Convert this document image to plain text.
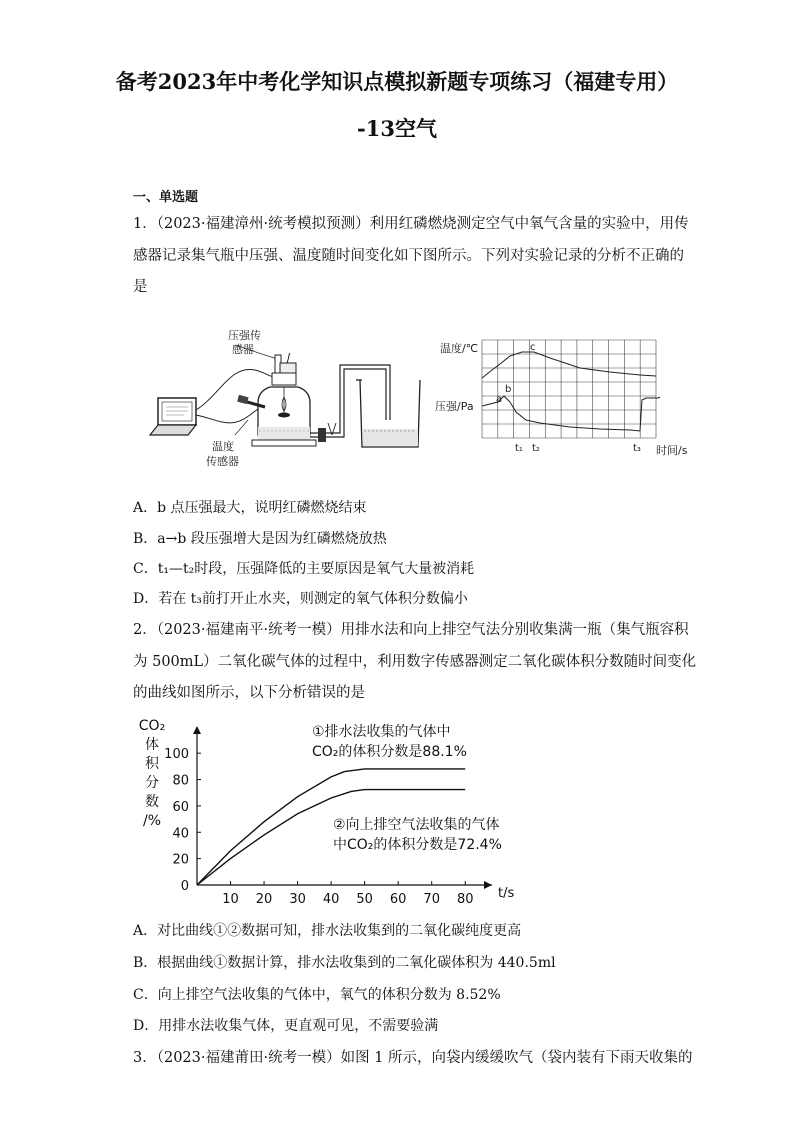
备考2023年中考化学知识点模拟新题专项练习（福建专用）
-13空气
一、单选题
1．（2023·福建漳州·统考模拟预测）利用红磷燃烧测定空气中氧气含量的实验中，用传
感器记录集气瓶中压强、温度随时间变化如下图所示。下列对实验记录的分析不正确的
是
压强传
感器
温度
传感器
温度/℃
压强/Pa
a
b
c
t₁ t₂	t₃ 时间/s
A．b 点压强最大，说明红磷燃烧结束
B．a→b 段压强增大是因为红磷燃烧放热
C．t₁—t₂时段，压强降低的主要原因是氧气大量被消耗
D．若在 t₃前打开止水夹，则测定的氧气体积分数偏小
2．（2023·福建南平·统考一模）用排水法和向上排空气法分别收集满一瓶（集气瓶容积
为 500mL）二氧化碳气体的过程中，利用数字传感器测定二氧化碳体积分数随时间变化
的曲线如图所示，以下分析错误的是
CO₂
体
积
分
数
/%
10 20 30 40 50 60 70 80
0
20
40
60
80
100
t/s
①排水法收集的气体中
CO₂的体积分数是88.1%
②向上排空气法收集的气体
中CO₂的体积分数是72.4%
A．对比曲线①②数据可知，排水法收集到的二氧化碳纯度更高
B．根据曲线①数据计算，排水法收集到的二氧化碳体积为 440.5ml
C．向上排空气法收集的气体中，氧气的体积分数为 8.52%
D．用排水法收集气体，更直观可见，不需要验满
3．（2023·福建莆田·统考一模）如图 1 所示，向袋内缓缓吹气（袋内装有下雨天收集的
